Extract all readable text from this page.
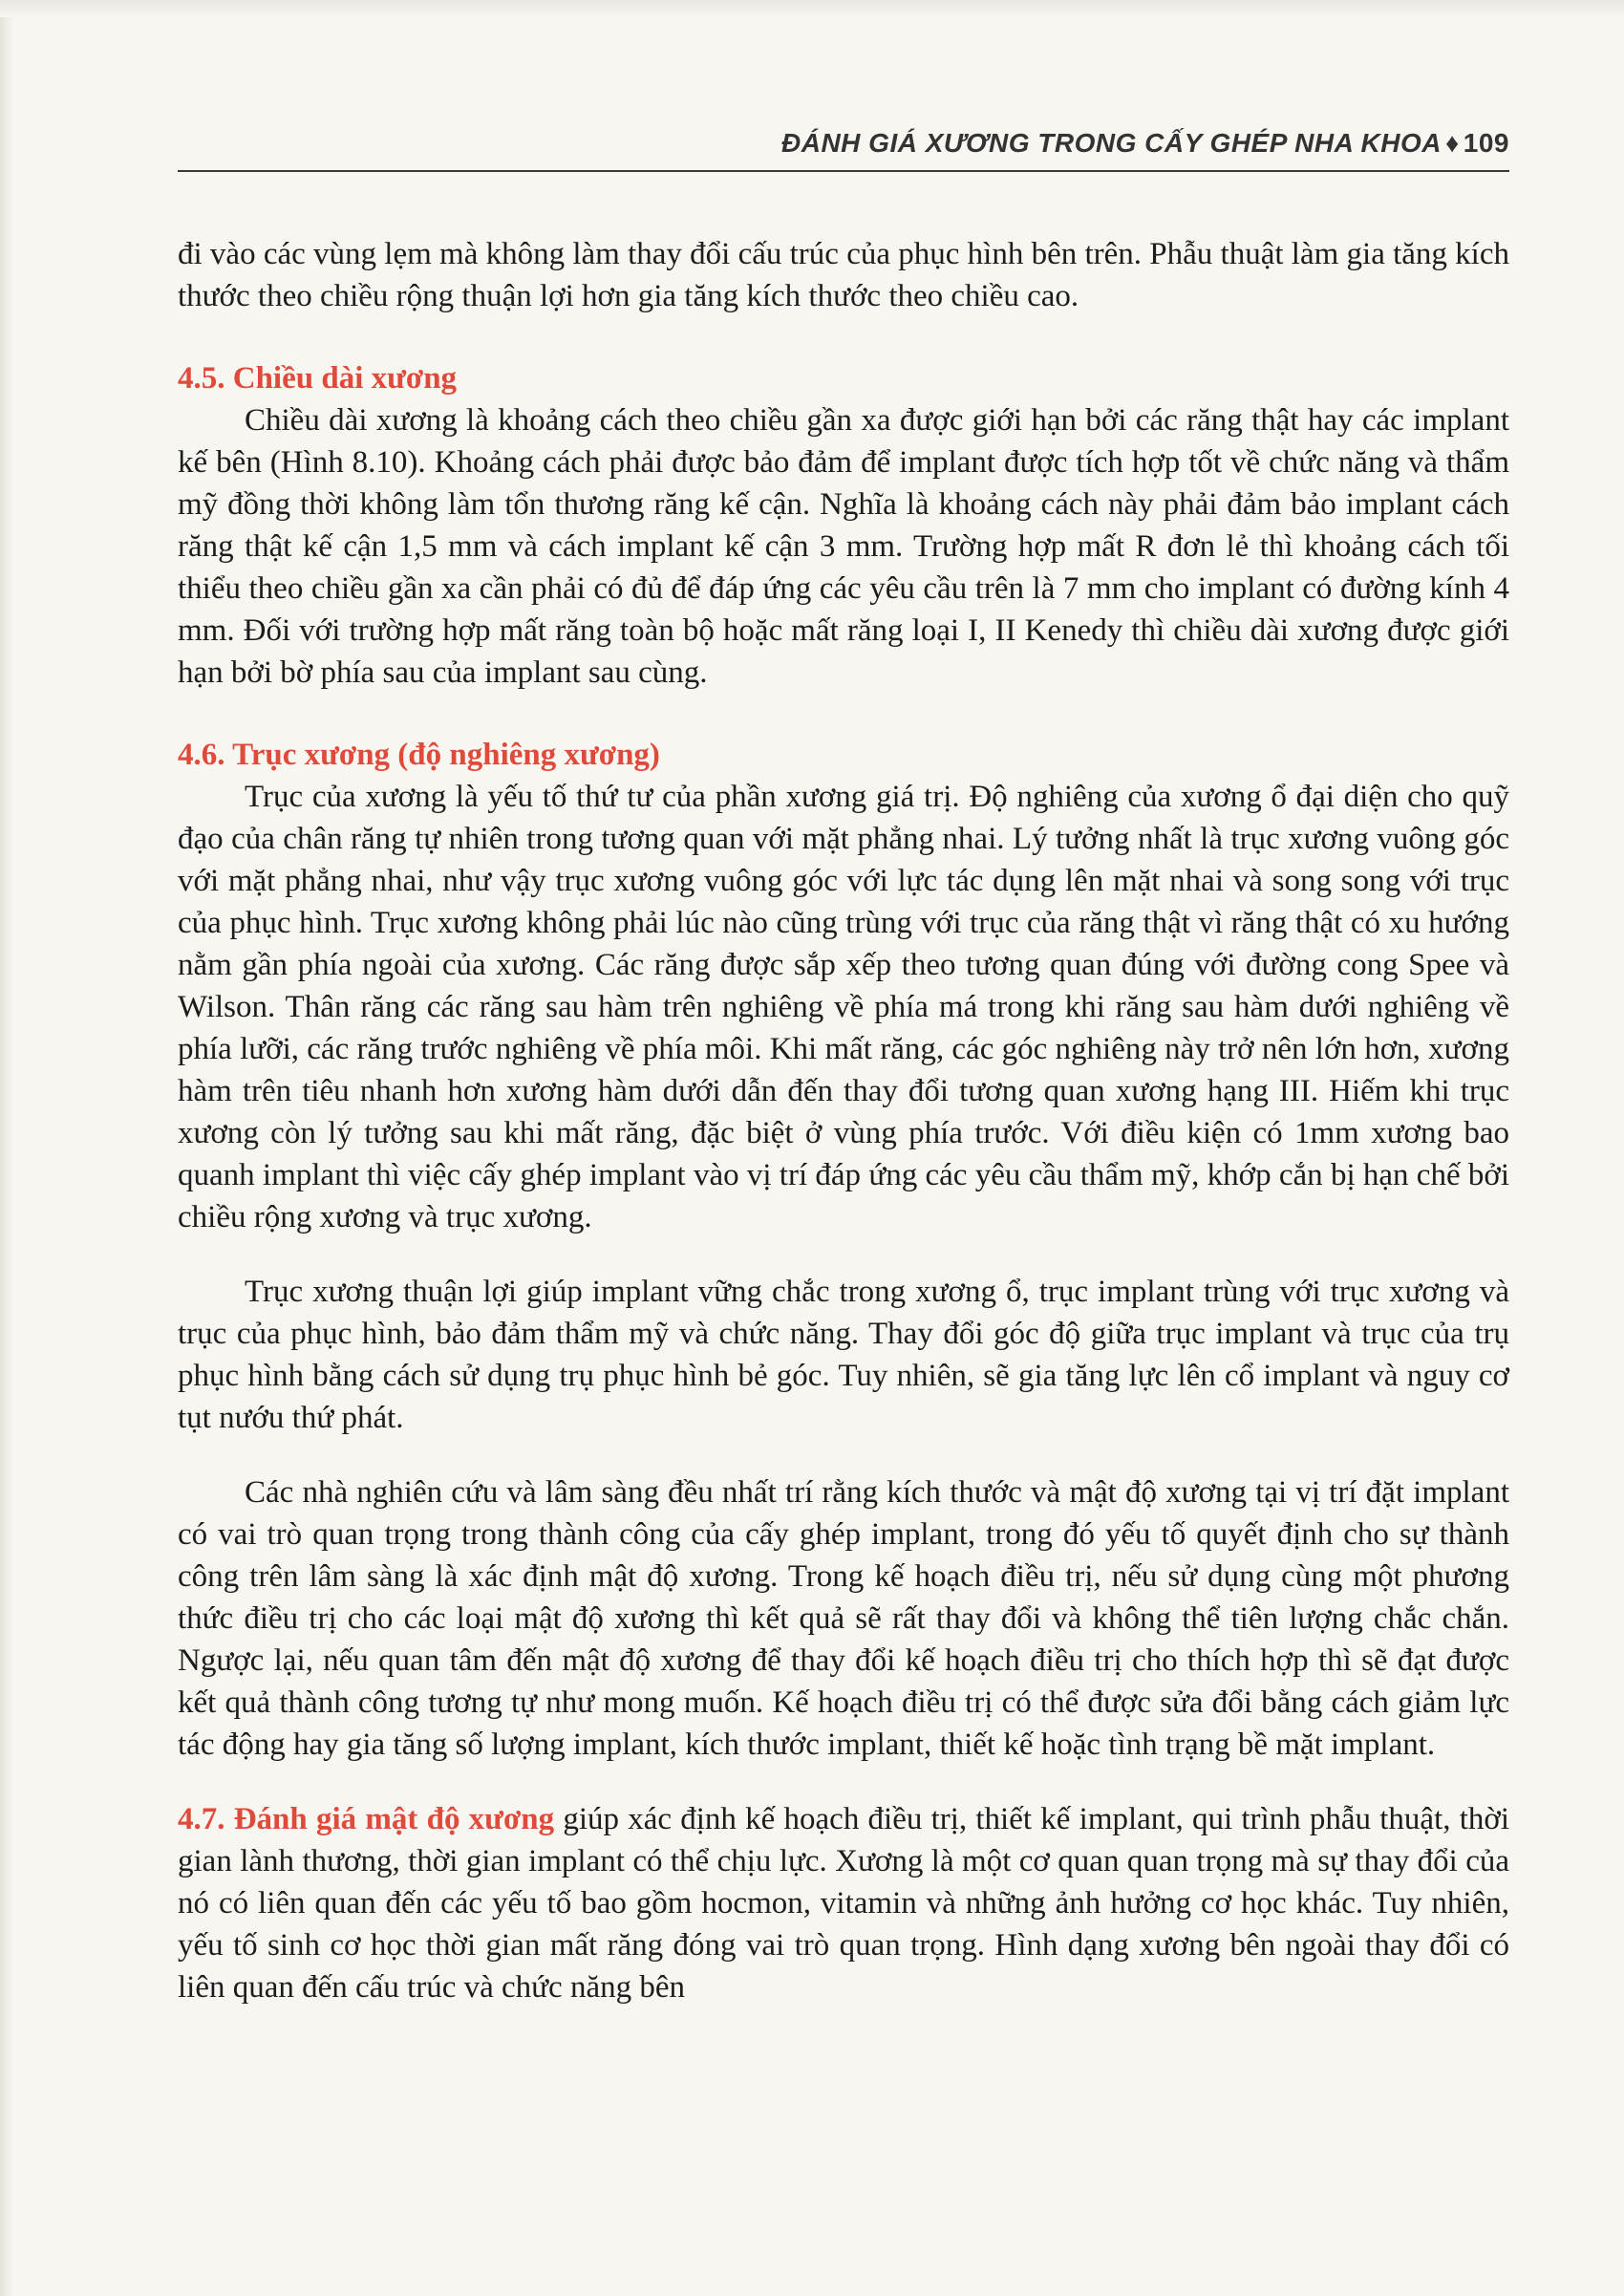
ĐÁNH GIÁ XƯƠNG TRONG CẤY GHÉP NHA KHOA ♦ 109

đi vào các vùng lẹm mà không làm thay đổi cấu trúc của phục hình bên trên. Phẫu thuật làm gia tăng kích thước theo chiều rộng thuận lợi hơn gia tăng kích thước theo chiều cao.

4.5. Chiều dài xương

Chiều dài xương là khoảng cách theo chiều gần xa được giới hạn bởi các răng thật hay các implant kế bên (Hình 8.10). Khoảng cách phải được bảo đảm để implant được tích hợp tốt về chức năng và thẩm mỹ đồng thời không làm tổn thương răng kế cận. Nghĩa là khoảng cách này phải đảm bảo implant cách răng thật kế cận 1,5 mm và cách implant kế cận 3 mm. Trường hợp mất R đơn lẻ thì khoảng cách tối thiểu theo chiều gần xa cần phải có đủ để đáp ứng các yêu cầu trên là 7 mm cho implant có đường kính 4 mm. Đối với trường hợp mất răng toàn bộ hoặc mất răng loại I, II Kenedy thì chiều dài xương được giới hạn bởi bờ phía sau của implant sau cùng.

4.6. Trục xương (độ nghiêng xương)

Trục của xương là yếu tố thứ tư của phần xương giá trị. Độ nghiêng của xương ổ đại diện cho quỹ đạo của chân răng tự nhiên trong tương quan với mặt phẳng nhai. Lý tưởng nhất là trục xương vuông góc với mặt phẳng nhai, như vậy trục xương vuông góc với lực tác dụng lên mặt nhai và song song với trục của phục hình. Trục xương không phải lúc nào cũng trùng với trục của răng thật vì răng thật có xu hướng nằm gần phía ngoài của xương. Các răng được sắp xếp theo tương quan đúng với đường cong Spee và Wilson. Thân răng các răng sau hàm trên nghiêng về phía má trong khi răng sau hàm dưới nghiêng về phía lưỡi, các răng trước nghiêng về phía môi. Khi mất răng, các góc nghiêng này trở nên lớn hơn, xương hàm trên tiêu nhanh hơn xương hàm dưới dẫn đến thay đổi tương quan xương hạng III. Hiếm khi trục xương còn lý tưởng sau khi mất răng, đặc biệt ở vùng phía trước. Với điều kiện có 1mm xương bao quanh implant thì việc cấy ghép implant vào vị trí đáp ứng các yêu cầu thẩm mỹ, khớp cắn bị hạn chế bởi chiều rộng xương và trục xương.

Trục xương thuận lợi giúp implant vững chắc trong xương ổ, trục implant trùng với trục xương và trục của phục hình, bảo đảm thẩm mỹ và chức năng. Thay đổi góc độ giữa trục implant và trục của trụ phục hình bằng cách sử dụng trụ phục hình bẻ góc. Tuy nhiên, sẽ gia tăng lực lên cổ implant và nguy cơ tụt nướu thứ phát.

Các nhà nghiên cứu và lâm sàng đều nhất trí rằng kích thước và mật độ xương tại vị trí đặt implant có vai trò quan trọng trong thành công của cấy ghép implant, trong đó yếu tố quyết định cho sự thành công trên lâm sàng là xác định mật độ xương. Trong kế hoạch điều trị, nếu sử dụng cùng một phương thức điều trị cho các loại mật độ xương thì kết quả sẽ rất thay đổi và không thể tiên lượng chắc chắn. Ngược lại, nếu quan tâm đến mật độ xương để thay đổi kế hoạch điều trị cho thích hợp thì sẽ đạt được kết quả thành công tương tự như mong muốn. Kế hoạch điều trị có thể được sửa đổi bằng cách giảm lực tác động hay gia tăng số lượng implant, kích thước implant, thiết kế hoặc tình trạng bề mặt implant.

4.7. Đánh giá mật độ xương giúp xác định kế hoạch điều trị, thiết kế implant, qui trình phẫu thuật, thời gian lành thương, thời gian implant có thể chịu lực. Xương là một cơ quan quan trọng mà sự thay đổi của nó có liên quan đến các yếu tố bao gồm hocmon, vitamin và những ảnh hưởng cơ học khác. Tuy nhiên, yếu tố sinh cơ học thời gian mất răng đóng vai trò quan trọng. Hình dạng xương bên ngoài thay đổi có liên quan đến cấu trúc và chức năng bên
